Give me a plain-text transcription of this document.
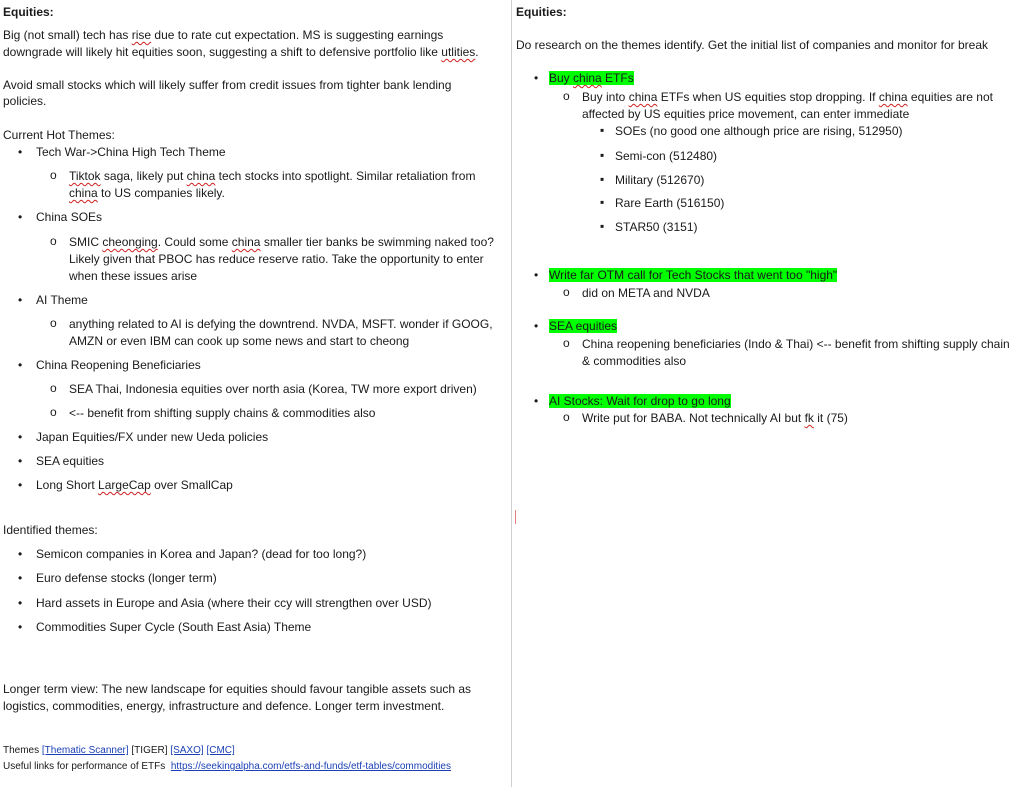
Equities:
Big (not small) tech has rise due to rate cut expectation. MS is suggesting earnings
downgrade will likely hit equities soon, suggesting a shift to defensive portfolio like utlities.
Avoid small stocks which will likely suffer from credit issues from tighter bank lending
policies.
Current Hot Themes:
• Tech War->China High Tech Theme
o Tiktok saga, likely put china tech stocks into spotlight. Similar retaliation from
china to US companies likely.
• China SOEs
o SMIC cheonging. Could some china smaller tier banks be swimming naked too?
Likely given that PBOC has reduce reserve ratio. Take the opportunity to enter
when these issues arise
• AI Theme
o anything related to AI is defying the downtrend. NVDA, MSFT. wonder if GOOG,
AMZN or even IBM can cook up some news and start to cheong
• China Reopening Beneficiaries
o SEA Thai, Indonesia equities over north asia (Korea, TW more export driven)
o <-- benefit from shifting supply chains & commodities also
• Japan Equities/FX under new Ueda policies
• SEA equities
• Long Short LargeCap over SmallCap
Identified themes:
• Semicon companies in Korea and Japan? (dead for too long?)
• Euro defense stocks (longer term)
• Hard assets in Europe and Asia (where their ccy will strengthen over USD)
• Commodities Super Cycle (South East Asia) Theme
Longer term view: The new landscape for equities should favour tangible assets such as
logistics, commodities, energy, infrastructure and defence. Longer term investment.
Themes [Thematic Scanner] [TIGER] [SAXO] [CMC]
Useful links for performance of ETFs https://seekingalpha.com/etfs-and-funds/etf-tables/commodities
Equities:
Do research on the themes identify. Get the initial list of companies and monitor for break
• Buy china ETFs
o Buy into china ETFs when US equities stop dropping. If china equities are not
affected by US equities price movement, can enter immediate
▪ SOEs (no good one although price are rising, 512950)
▪ Semi-con (512480)
▪ Military (512670)
▪ Rare Earth (516150)
▪ STAR50 (3151)
• Write far OTM call for Tech Stocks that went too "high"
o did on META and NVDA
• SEA equities
o China reopening beneficiaries (Indo & Thai) <-- benefit from shifting supply chain
& commodities also
• AI Stocks: Wait for drop to go long
o Write put for BABA. Not technically AI but fk it (75)
